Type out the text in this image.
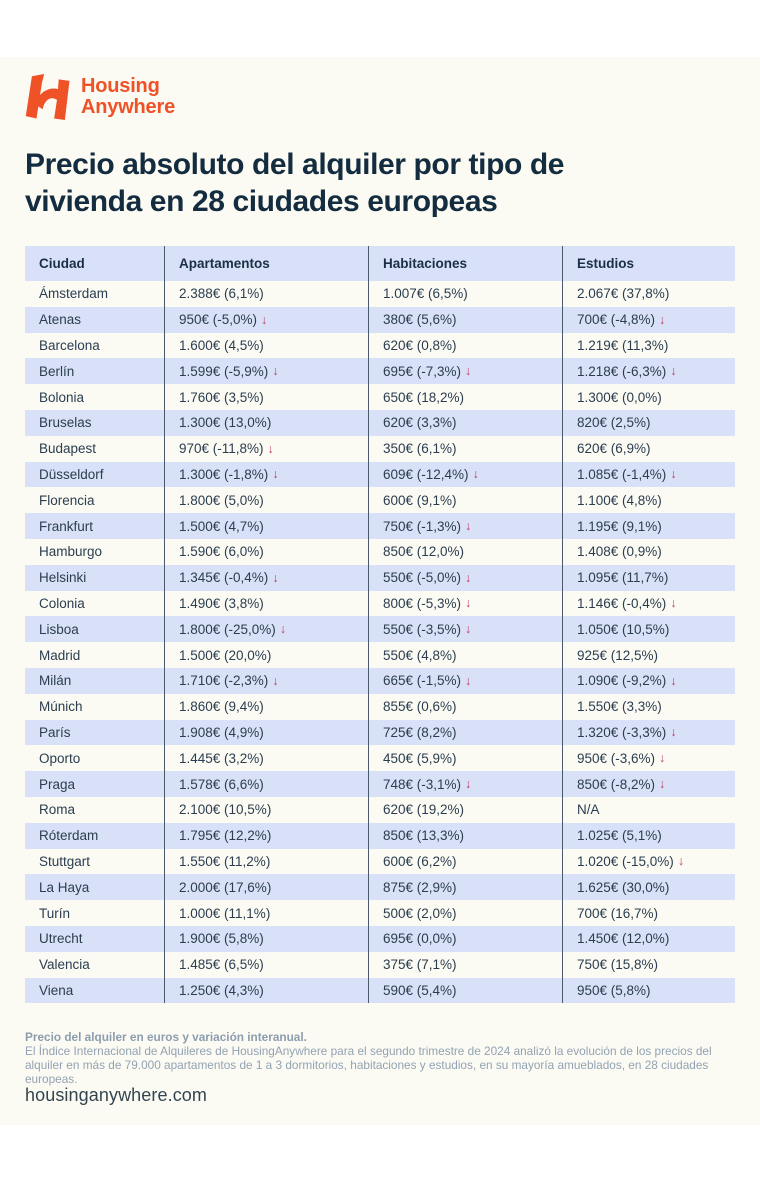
Housing
Anywhere
Precio absoluto del alquiler por tipo de
vivienda en 28 ciudades europeas
Ciudad	Apartamentos	Habitaciones	Estudios
Ámsterdam	2.388€ (6,1%)	1.007€ (6,5%)	2.067€ (37,8%)
Atenas	950€ (-5,0%) ↓	380€ (5,6%)	700€ (-4,8%) ↓
Barcelona	1.600€ (4,5%)	620€ (0,8%)	1.219€ (11,3%)
Berlín	1.599€ (-5,9%) ↓	695€ (-7,3%) ↓	1.218€ (-6,3%) ↓
Bolonia	1.760€ (3,5%)	650€ (18,2%)	1.300€ (0,0%)
Bruselas	1.300€ (13,0%)	620€ (3,3%)	820€ (2,5%)
Budapest	970€ (-11,8%) ↓	350€ (6,1%)	620€ (6,9%)
Düsseldorf	1.300€ (-1,8%) ↓	609€ (-12,4%) ↓	1.085€ (-1,4%) ↓
Florencia	1.800€ (5,0%)	600€ (9,1%)	1.100€ (4,8%)
Frankfurt	1.500€ (4,7%)	750€ (-1,3%) ↓	1.195€ (9,1%)
Hamburgo	1.590€ (6,0%)	850€ (12,0%)	1.408€ (0,9%)
Helsinki	1.345€ (-0,4%) ↓	550€ (-5,0%) ↓	1.095€ (11,7%)
Colonia	1.490€ (3,8%)	800€ (-5,3%) ↓	1.146€ (-0,4%) ↓
Lisboa	1.800€ (-25,0%) ↓	550€ (-3,5%) ↓	1.050€ (10,5%)
Madrid	1.500€ (20,0%)	550€ (4,8%)	925€ (12,5%)
Milán	1.710€ (-2,3%) ↓	665€ (-1,5%) ↓	1.090€ (-9,2%) ↓
Múnich	1.860€ (9,4%)	855€ (0,6%)	1.550€ (3,3%)
París	1.908€ (4,9%)	725€ (8,2%)	1.320€ (-3,3%) ↓
Oporto	1.445€ (3,2%)	450€ (5,9%)	950€ (-3,6%) ↓
Praga	1.578€ (6,6%)	748€ (-3,1%) ↓	850€ (-8,2%) ↓
Roma	2.100€ (10,5%)	620€ (19,2%)	N/A
Róterdam	1.795€ (12,2%)	850€ (13,3%)	1.025€ (5,1%)
Stuttgart	1.550€ (11,2%)	600€ (6,2%)	1.020€ (-15,0%) ↓
La Haya	2.000€ (17,6%)	875€ (2,9%)	1.625€ (30,0%)
Turín	1.000€ (11,1%)	500€ (2,0%)	700€ (16,7%)
Utrecht	1.900€ (5,8%)	695€ (0,0%)	1.450€ (12,0%)
Valencia	1.485€ (6,5%)	375€ (7,1%)	750€ (15,8%)
Viena	1.250€ (4,3%)	590€ (5,4%)	950€ (5,8%)

Precio del alquiler en euros y variación interanual.

El Índice Internacional de Alquileres de HousingAnywhere para el segundo trimestre de 2024 analizó la evolución de los precios del alquiler en más de 79.000 apartamentos de 1 a 3 dormitorios, habitaciones y estudios, en su mayoría amueblados, en 28 ciudades europeas.

housinganywhere.com
